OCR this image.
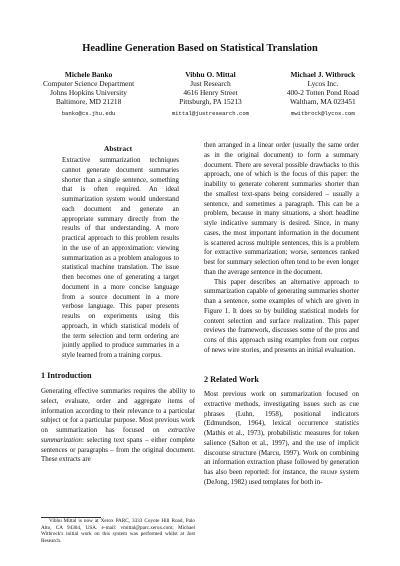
Headline Generation Based on Statistical Translation
Michele Banko
Computer Science Department
Johns Hopkins University
Baltimore, MD 21218
banko@cs.jhu.edu
Vibhu O. Mittal
Just Research
4616 Henry Street
Pittsburgh, PA 15213
mittal@justresearch.com
Michael J. Witbrock
Lycos Inc.
400-2 Totten Pond Road
Waltham, MA 023451
mwitbrock@lycos.com
Abstract

Extractive summarization techniques cannot generate document summaries shorter than a single sentence, something that is often required. An ideal summarization system would understand each document and generate an appropriate summary directly from the results of that understanding. A more practical approach to this problem results in the use of an approximation: viewing summarization as a problem analogous to statistical machine translation. The issue then becomes one of generating a target document in a more concise language from a source document in a more verbose language. This paper presents results on experiments using this approach, in which statistical models of the term selection and term ordering are jointly applied to produce summaries in a style learned from a training corpus.

1 Introduction

Generating effective summaries requires the ability to select, evaluate, order and aggregate items of information according to their relevance to a particular subject or for a particular purpose. Most previous work on summarization has focused on extractive summarization: selecting text spans – either complete sentences or paragraphs – from the original document. These extracts are

Vibhu Mittal is now at Xerox PARC, 3333 Coyote Hill Road, Palo Alto, CA 94304, USA. e-mail: vmittal@parc.xerox.com; Michael Witbrock's initial work on this system was performed whilst at Just Research.

then arranged in a linear order (usually the same order as in the original document) to form a summary document. There are several possible drawbacks to this approach, one of which is the focus of this paper: the inability to generate coherent summaries shorter than the smallest text-spans being considered – usually a sentence, and sometimes a paragraph. This can be a problem, because in many situations, a short headline style indicative summary is desired. Since, in many cases, the most important information in the document is scattered across multiple sentences, this is a problem for extractive summarization; worse, sentences ranked best for summary selection often tend to be even longer than the average sentence in the document.

This paper describes an alternative approach to summarization capable of generating summaries shorter than a sentence, some examples of which are given in Figure 1. It does so by building statistical models for content selection and surface realization. This paper reviews the framework, discusses some of the pros and cons of this approach using examples from our corpus of news wire stories, and presents an initial evaluation.

2 Related Work

Most previous work on summarization focused on extractive methods, investigating issues such as cue phrases (Luhn, 1958), positional indicators (Edmundson, 1964), lexical occurrence statistics (Mathis et al., 1973), probabilistic measures for token salience (Salton et al., 1997), and the use of implicit discourse structure (Marcu, 1997). Work on combining an information extraction phase followed by generation has also been reported: for instance, the frump system (DeJong, 1982) used templates for both in-
